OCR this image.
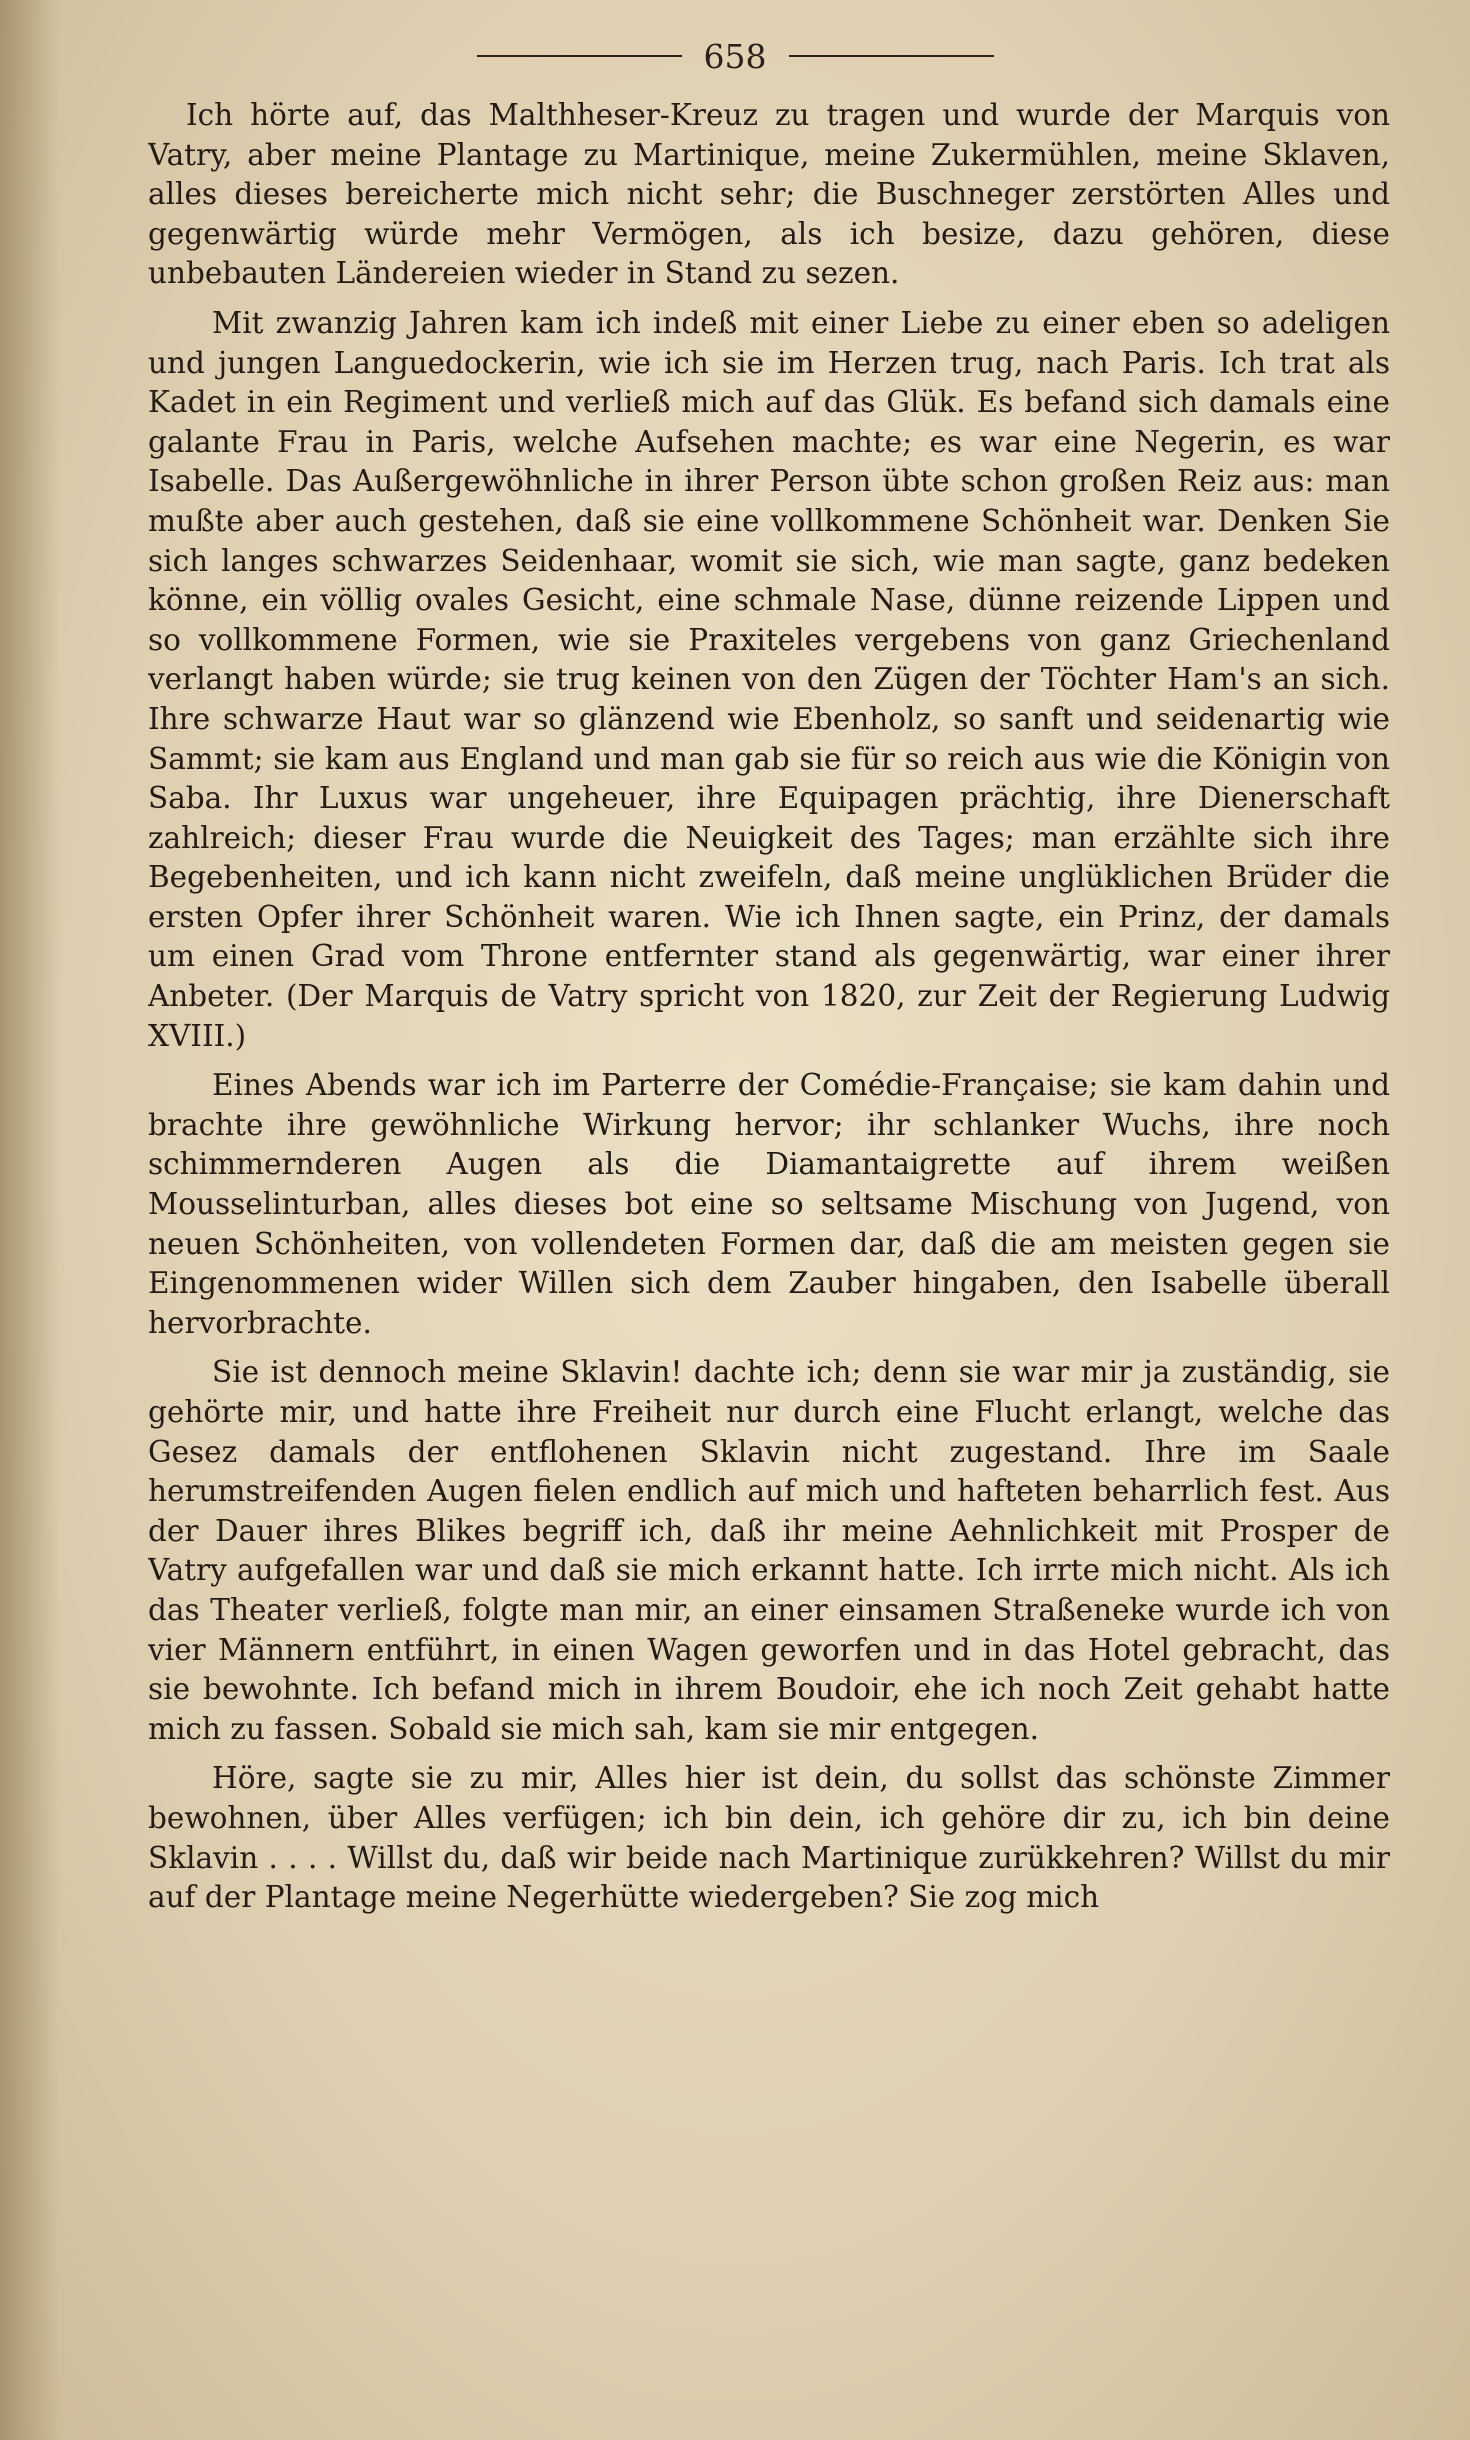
658

Ich hörte auf, das Malthheser-Kreuz zu tragen und wurde der Marquis von Vatry, aber meine Plantage zu Martinique, meine Zukermühlen, meine Sklaven, alles dieses bereicherte mich nicht sehr; die Buschneger zerstörten Alles und gegenwärtig würde mehr Vermögen, als ich besize, dazu gehören, diese unbebauten Ländereien wieder in Stand zu sezen.

Mit zwanzig Jahren kam ich indeß mit einer Liebe zu einer eben so adeligen und jungen Languedockerin, wie ich sie im Herzen trug, nach Paris. Ich trat als Kadet in ein Regiment und verließ mich auf das Glük. Es befand sich damals eine galante Frau in Paris, welche Aufsehen machte; es war eine Negerin, es war Isabelle. Das Außergewöhnliche in ihrer Person übte schon großen Reiz aus: man mußte aber auch gestehen, daß sie eine vollkommene Schönheit war. Denken Sie sich langes schwarzes Seidenhaar, womit sie sich, wie man sagte, ganz bedeken könne, ein völlig ovales Gesicht, eine schmale Nase, dünne reizende Lippen und so vollkommene Formen, wie sie Praxiteles vergebens von ganz Griechenland verlangt haben würde; sie trug keinen von den Zügen der Töchter Ham's an sich. Ihre schwarze Haut war so glänzend wie Ebenholz, so sanft und seidenartig wie Sammt; sie kam aus England und man gab sie für so reich aus wie die Königin von Saba. Ihr Luxus war ungeheuer, ihre Equipagen prächtig, ihre Dienerschaft zahlreich; dieser Frau wurde die Neuigkeit des Tages; man erzählte sich ihre Begebenheiten, und ich kann nicht zweifeln, daß meine unglüklichen Brüder die ersten Opfer ihrer Schönheit waren. Wie ich Ihnen sagte, ein Prinz, der damals um einen Grad vom Throne entfernter stand als gegenwärtig, war einer ihrer Anbeter. (Der Marquis de Vatry spricht von 1820, zur Zeit der Regierung Ludwig XVIII.)

Eines Abends war ich im Parterre der Comédie-Française; sie kam dahin und brachte ihre gewöhnliche Wirkung hervor; ihr schlanker Wuchs, ihre noch schimmernderen Augen als die Diamantaigrette auf ihrem weißen Mousselinturban, alles dieses bot eine so seltsame Mischung von Jugend, von neuen Schönheiten, von vollendeten Formen dar, daß die am meisten gegen sie Eingenommenen wider Willen sich dem Zauber hingaben, den Isabelle überall hervorbrachte.

Sie ist dennoch meine Sklavin! dachte ich; denn sie war mir ja zuständig, sie gehörte mir, und hatte ihre Freiheit nur durch eine Flucht erlangt, welche das Gesez damals der entflohenen Sklavin nicht zugestand. Ihre im Saale herumstreifenden Augen fielen endlich auf mich und hafteten beharrlich fest. Aus der Dauer ihres Blikes begriff ich, daß ihr meine Aehnlichkeit mit Prosper de Vatry aufgefallen war und daß sie mich erkannt hatte. Ich irrte mich nicht. Als ich das Theater verließ, folgte man mir, an einer einsamen Straßeneke wurde ich von vier Männern entführt, in einen Wagen geworfen und in das Hotel gebracht, das sie bewohnte. Ich befand mich in ihrem Boudoir, ehe ich noch Zeit gehabt hatte mich zu fassen. Sobald sie mich sah, kam sie mir entgegen.

Höre, sagte sie zu mir, Alles hier ist dein, du sollst das schönste Zimmer bewohnen, über Alles verfügen; ich bin dein, ich gehöre dir zu, ich bin deine Sklavin . . . . Willst du, daß wir beide nach Martinique zurükkehren? Willst du mir auf der Plantage meine Negerhütte wiedergeben? Sie zog mich
